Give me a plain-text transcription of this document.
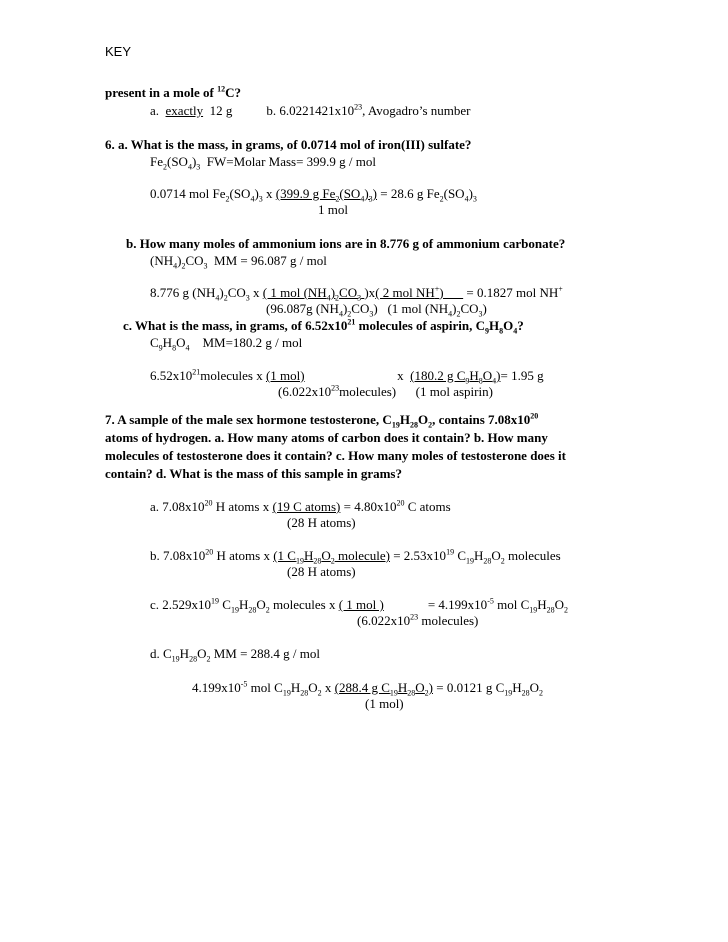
KEY
present in a mole of $^{12}$C?
a. exactly 12 g	b. $6.0221421x10^{23}$, Avogadro’s number
6. a. What is the mass, in grams, of 0.0714 mol of iron(III) sulfate?
$Fe_2(SO_4)_3$ FW=Molar Mass= 399.9 g / mol
0.0714 mol $Fe_2(SO_4)_3$ x (399.9 g $Fe_2(SO_4)_3) = 28.6$ g $Fe_2(SO_4)_3$
1 mol
b. How many moles of ammonium ions are in 8.776 g of ammonium carbonate?
$(NH_4)_2CO_3$ MM = 96.087 g / mol
8.776 g $(NH_4)_2CO_3$ x ( 1 mol $(NH_4)_2CO_3$ )x( 2 mol NH+)       = 0.1827 mol NH+
(96.087g $(NH_4)_2CO_3$)   (1 mol $(NH_4)_2CO_3$)
c. What is the mass, in grams, of $6.52x10^{21}$ molecules of aspirin, $C_9H_8O_4$?
$C_9H_8O_4$ MM=180.2 g / mol
$6.52x10^{21}molecules$ x (1 mol)	x  (180.2 g $C_9H_8O_4)= 1.95$ g
$(6.022x10^{23}molecules)$ (1 mol aspirin)
7. A sample of the male sex hormone testosterone, $C_{19}H_{28}O_2$, contains $7.08x10^{20}$
atoms of hydrogen. a. How many atoms of carbon does it contain? b. How many
molecules of testosterone does it contain? c. How many moles of testosterone does it
contain? d. What is the mass of this sample in grams?
a. $7.08x10^{20}$ H atoms x (19 C atoms) = $4.80x10^{20}$ C atoms
(28 H atoms)
b. $7.08x10^{20}$ H atoms x (1 $C_{19}H_{28}O_2$ molecule) = $2.53x10^{19}$ $C_{19}H_{28}O_2$ molecules
(28 H atoms)
c. $2.529x10^{19}$ $C_{19}H_{28}O_2$ molecules x ( 1 mol )	= $4.199x10^{-5}$ mol $C_{19}H_{28}O_2$
($6.022x10^{23}$ molecules)
d. $C_{19}H_{28}O_2$ MM = 288.4 g / mol
$4.199x10^{-5}$ mol $C_{19}H_{28}O_2$ x (288.4 g $C_{19}H_{28}O_2) = 0.0121$ g $C_{19}H_{28}O_2$
(1 mol)
